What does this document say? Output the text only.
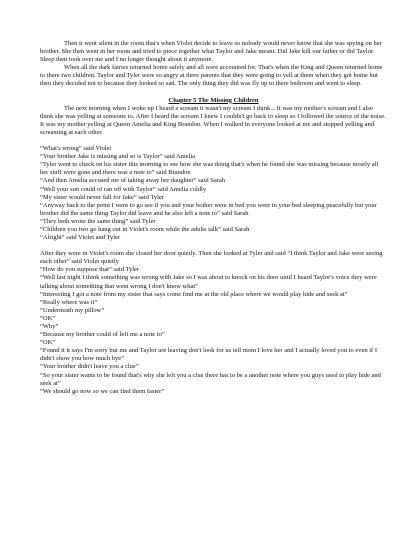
Then it went silent in the room that's when Violet decide to leave so nobody would never know that she was spying on her brother. She then went in her room and tried to piece together what Taylor and Jake meant. Did Jake kill our father or did Taylor. Sleep then took over me and I no longer thought about it anymore.

When all the dark fairies returned home safely and all were accounted for. That's when the King and Queen returned home to there two children. Taylor and Tyler were so angry at there parents that they were going to yell at them when they got home but then they decided not to because they looked so sad. The only thing they did was fly up to there bedroom and went to sleep.

Chapter 5 The Missing Children

The next morning when I woke up I heard a scream it wasn't my scream I think... It was my mother's scream and I also think she was yelling at someone to. After I heard the scream I knew I couldn't go back to sleep so I followed the source of the noise. It was my mother yelling at Queen Amelia and King Brandon. When I walked in everyone looked at me and stopped yelling and screaming at each other.

“What's wrong” said Violet

“Your brother Jake is missing and so is Taylor” said Amelia

“Tyler went to check on his sister this morning to see how she was doing that's when he found she was missing because mostly all her stuff were gone and there was a note to” said Brandon

“And then Amelia accused me of taking away her daughter” said Sarah

“Well your son could of ran off with Taylor” said Amelia coldly

“My sister would never fall for Jake” said Tyler

“Anyway back to the point I went to go see if you and your bother were in bed you were in your bed sleeping peacefully but your brother did the same thing Taylor did leave and he also left a note to” said Sarah

“They both wrote the same thing” said Tyler

“Children you two go hang out in Violet's room while the adults talk” said Sarah

“Alright” said Violet and Tyler

After they were in Violet's room she closed her door quietly. Then she looked at Tyler and said “I think Taylor and Jake were seeing each other” said Violet quietly

“How do you suppose that” said Tyler

“Well last night I think something was wrong with Jake so I was about to knock on his door until I heard Taylor's voice they were talking about something that went wrong I don't know what”

“Interesting I got a note from my sister that says come find me at the old place where we would play hide and seek at”

“Really where was it”

“Underneath my pillow”

“OK”

“Why”

“Because my brother could of left me a note to”

“OK”

“Found it it says I'm sorry but me and Taylor are leaving don't look for us tell mom I love her and I actually loved you to even if I didn't show you how much bye”

“Your brother didn't leave you a clue”

“So your sister wants to be found that's why she left you a clue there has to be a another note where you guys used to play hide and seek at”

“We should go now so we can find them faster”
